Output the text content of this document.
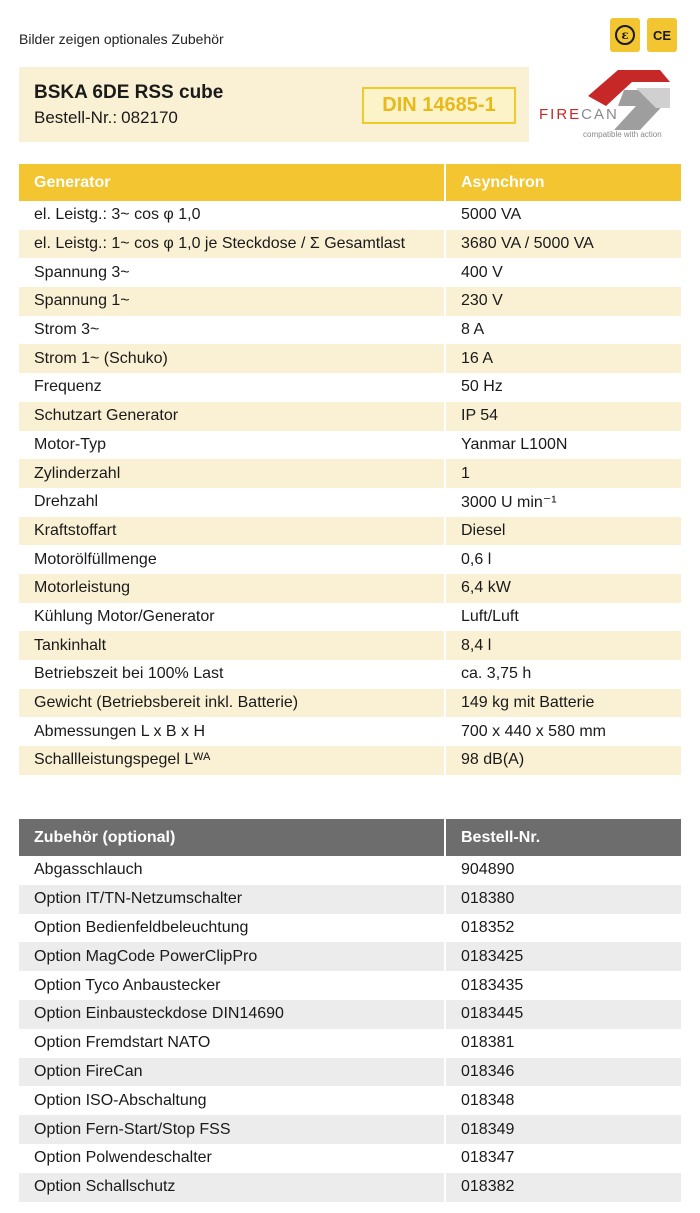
Bilder zeigen optionales Zubehör	ε	CE
BSKA 6DE RSS cube
Bestell-Nr.: 082170
DIN 14685-1	FIRECAN
compatible with action
Generator	Asynchron
el. Leistg.: 3~ cos φ 1,0	5000 VA
el. Leistg.: 1~ cos φ 1,0 je Steckdose / Σ Gesamtlast	3680 VA / 5000 VA
Spannung 3~	400 V
Spannung 1~	230 V
Strom 3~	8 A
Strom 1~ (Schuko)	16 A
Frequenz	50 Hz
Schutzart Generator	IP 54
Motor-Typ	Yanmar L100N
Zylinderzahl	1
Drehzahl	3000 U min⁻¹
Kraftstoffart	Diesel
Motorölfüllmenge	0,6 l
Motorleistung	6,4 kW
Kühlung Motor/Generator	Luft/Luft
Tankinhalt	8,4 l
Betriebszeit bei 100% Last	ca. 3,75 h
Gewicht (Betriebsbereit inkl. Batterie)	149 kg mit Batterie
Abmessungen L x B x H	700 x 440 x 580 mm
Schallleistungspegel Lᵂᴬ	98 dB(A)
Zubehör (optional)	Bestell-Nr.
Abgasschlauch	904890
Option IT/TN-Netzumschalter	018380
Option Bedienfeldbeleuchtung	018352
Option MagCode PowerClipPro	0183425
Option Tyco Anbaustecker	0183435
Option Einbausteckdose DIN14690	0183445
Option Fremdstart NATO	018381
Option FireCan	018346
Option ISO-Abschaltung	018348
Option Fern-Start/Stop FSS	018349
Option Polwendeschalter	018347
Option Schallschutz	018382
